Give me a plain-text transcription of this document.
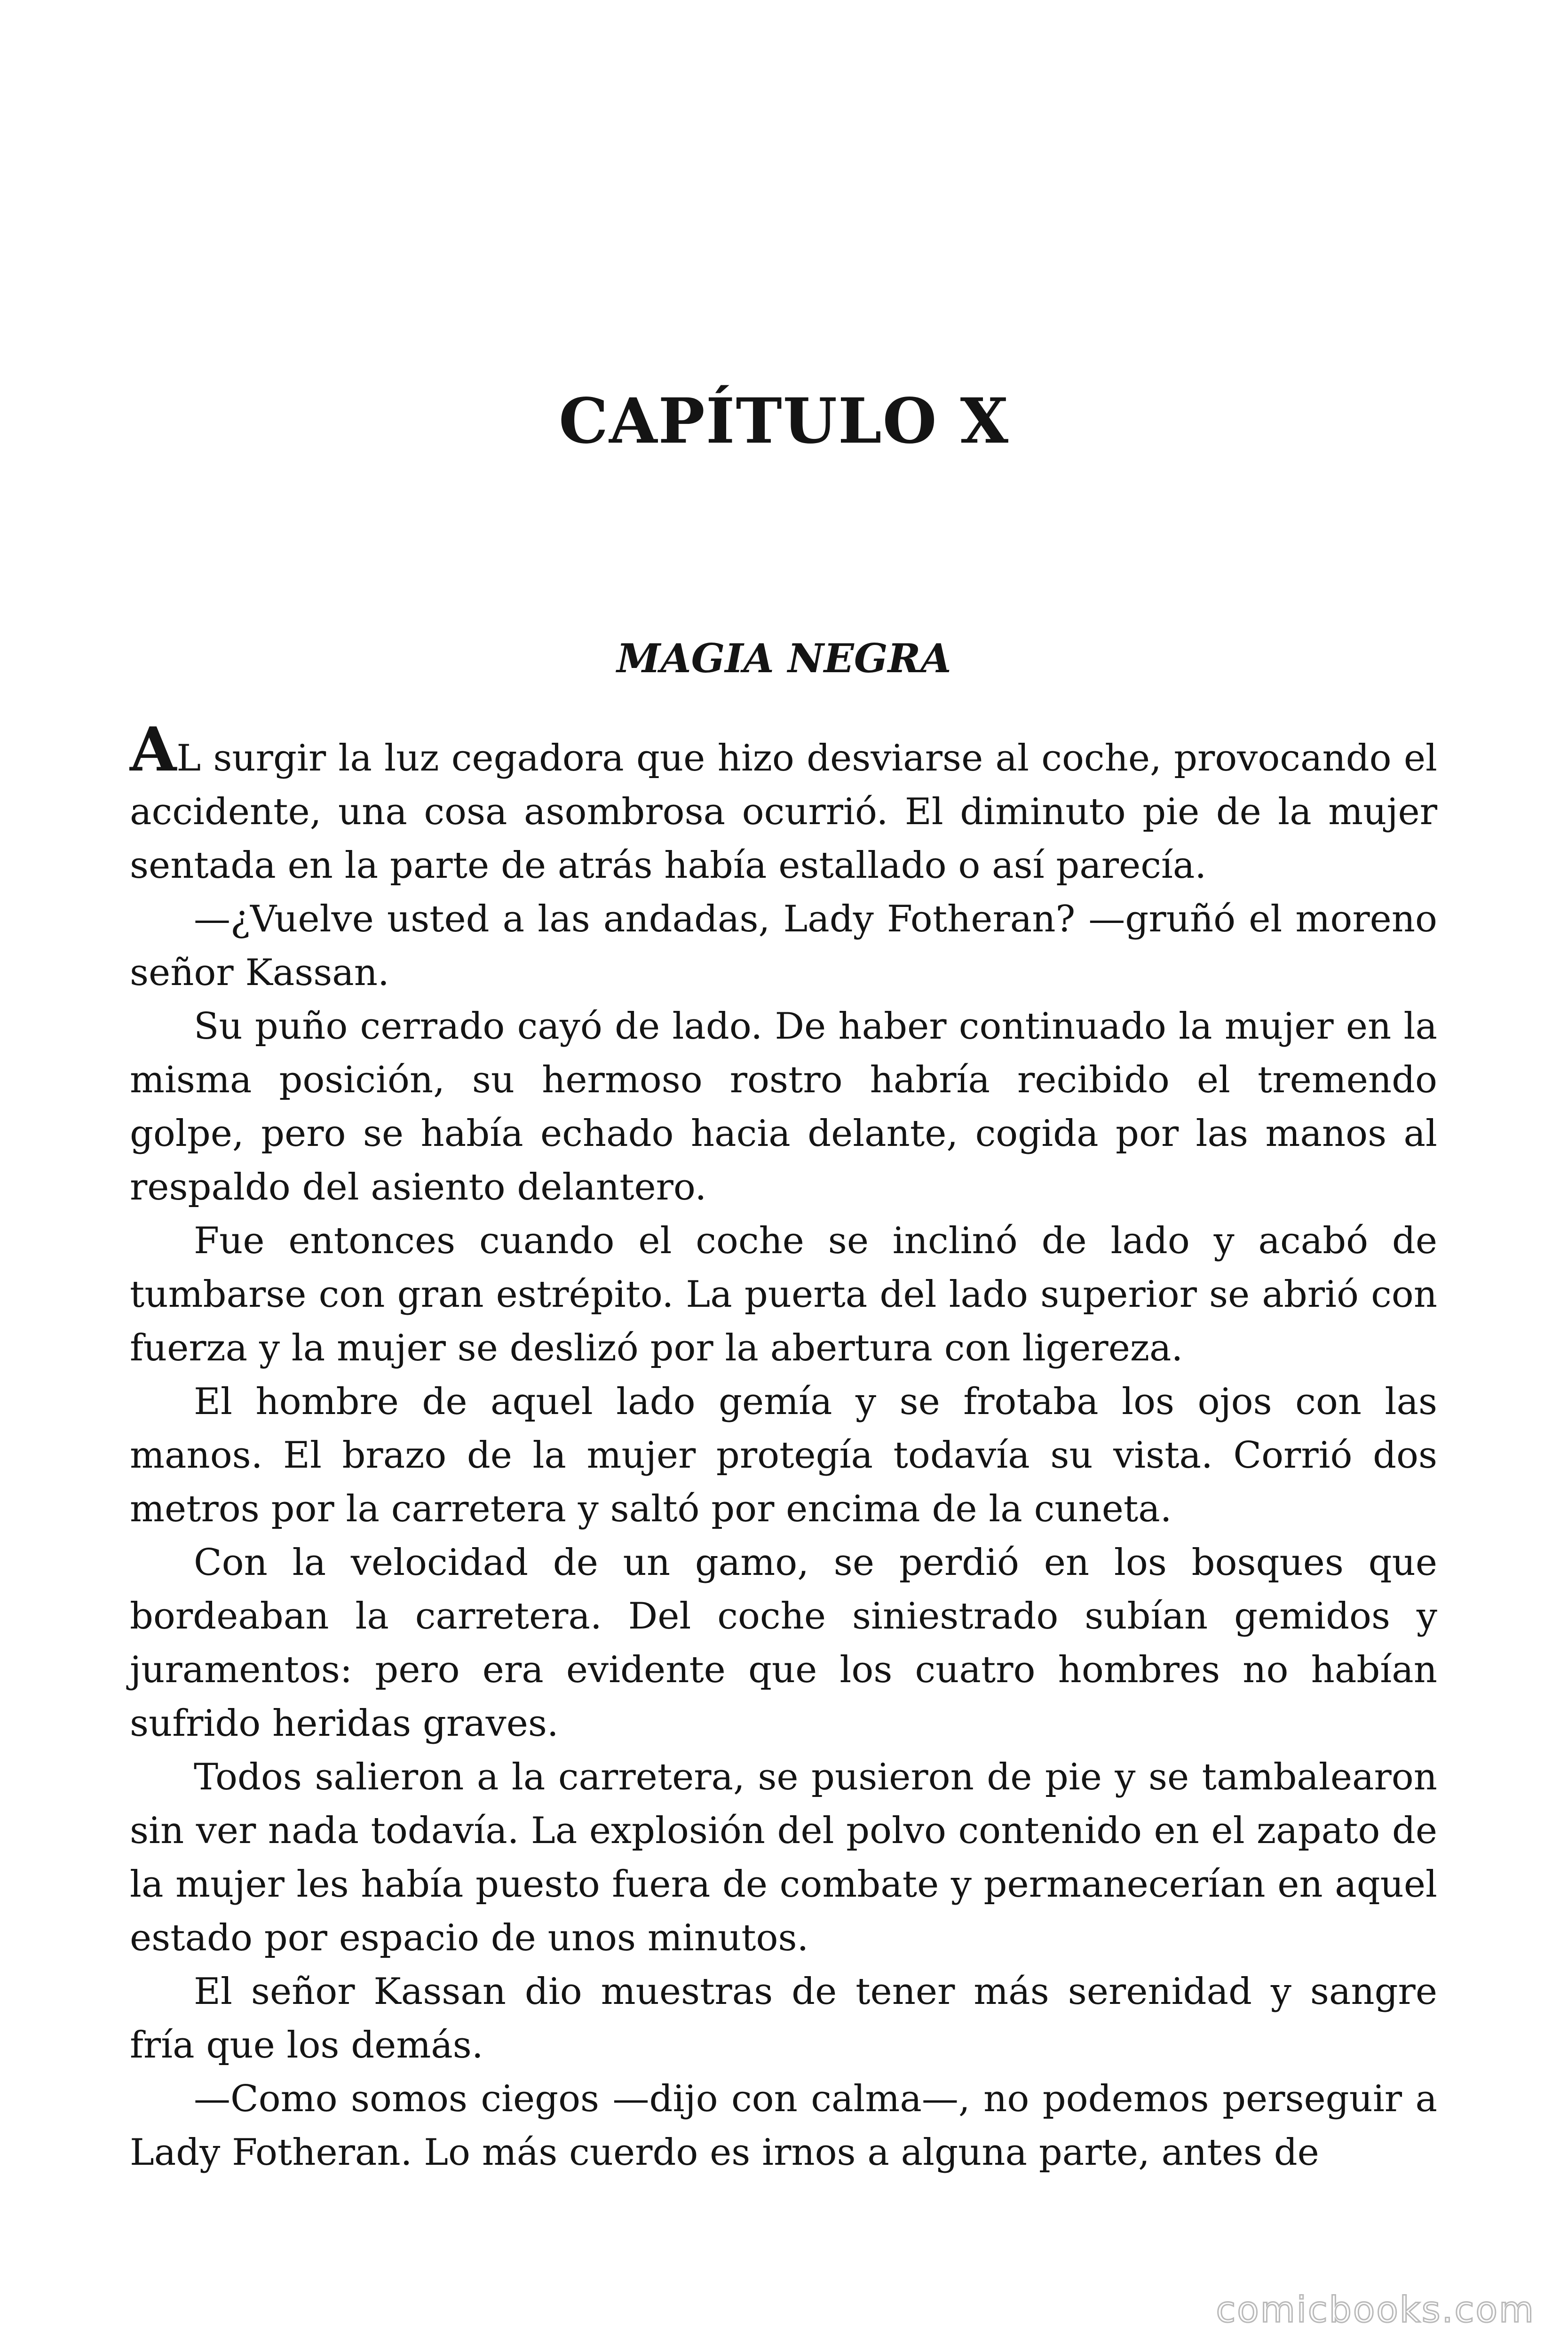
CAPÍTULO X
MAGIA NEGRA

AL surgir la luz cegadora que hizo desviarse al coche, provocando el accidente, una cosa asombrosa ocurrió. El diminuto pie de la mujer sentada en la parte de atrás había estallado o así parecía.

—¿Vuelve usted a las andadas, Lady Fotheran? —gruñó el moreno señor Kassan.

Su puño cerrado cayó de lado. De haber continuado la mujer en la misma posición, su hermoso rostro habría recibido el tremendo golpe, pero se había echado hacia delante, cogida por las manos al respaldo del asiento delantero.

Fue entonces cuando el coche se inclinó de lado y acabó de tumbarse con gran estrépito. La puerta del lado superior se abrió con fuerza y la mujer se deslizó por la abertura con ligereza.

El hombre de aquel lado gemía y se frotaba los ojos con las manos. El brazo de la mujer protegía todavía su vista. Corrió dos metros por la carretera y saltó por encima de la cuneta.

Con la velocidad de un gamo, se perdió en los bosques que bordeaban la carretera. Del coche siniestrado subían gemidos y juramentos: pero era evidente que los cuatro hombres no habían sufrido heridas graves.

Todos salieron a la carretera, se pusieron de pie y se tambalearon sin ver nada todavía. La explosión del polvo contenido en el zapato de la mujer les había puesto fuera de combate y permanecerían en aquel estado por espacio de unos minutos.

El señor Kassan dio muestras de tener más serenidad y sangre fría que los demás.

—Como somos ciegos —dijo con calma—, no podemos perseguir a Lady Fotheran. Lo más cuerdo es irnos a alguna parte, antes de

comicbooks.com
